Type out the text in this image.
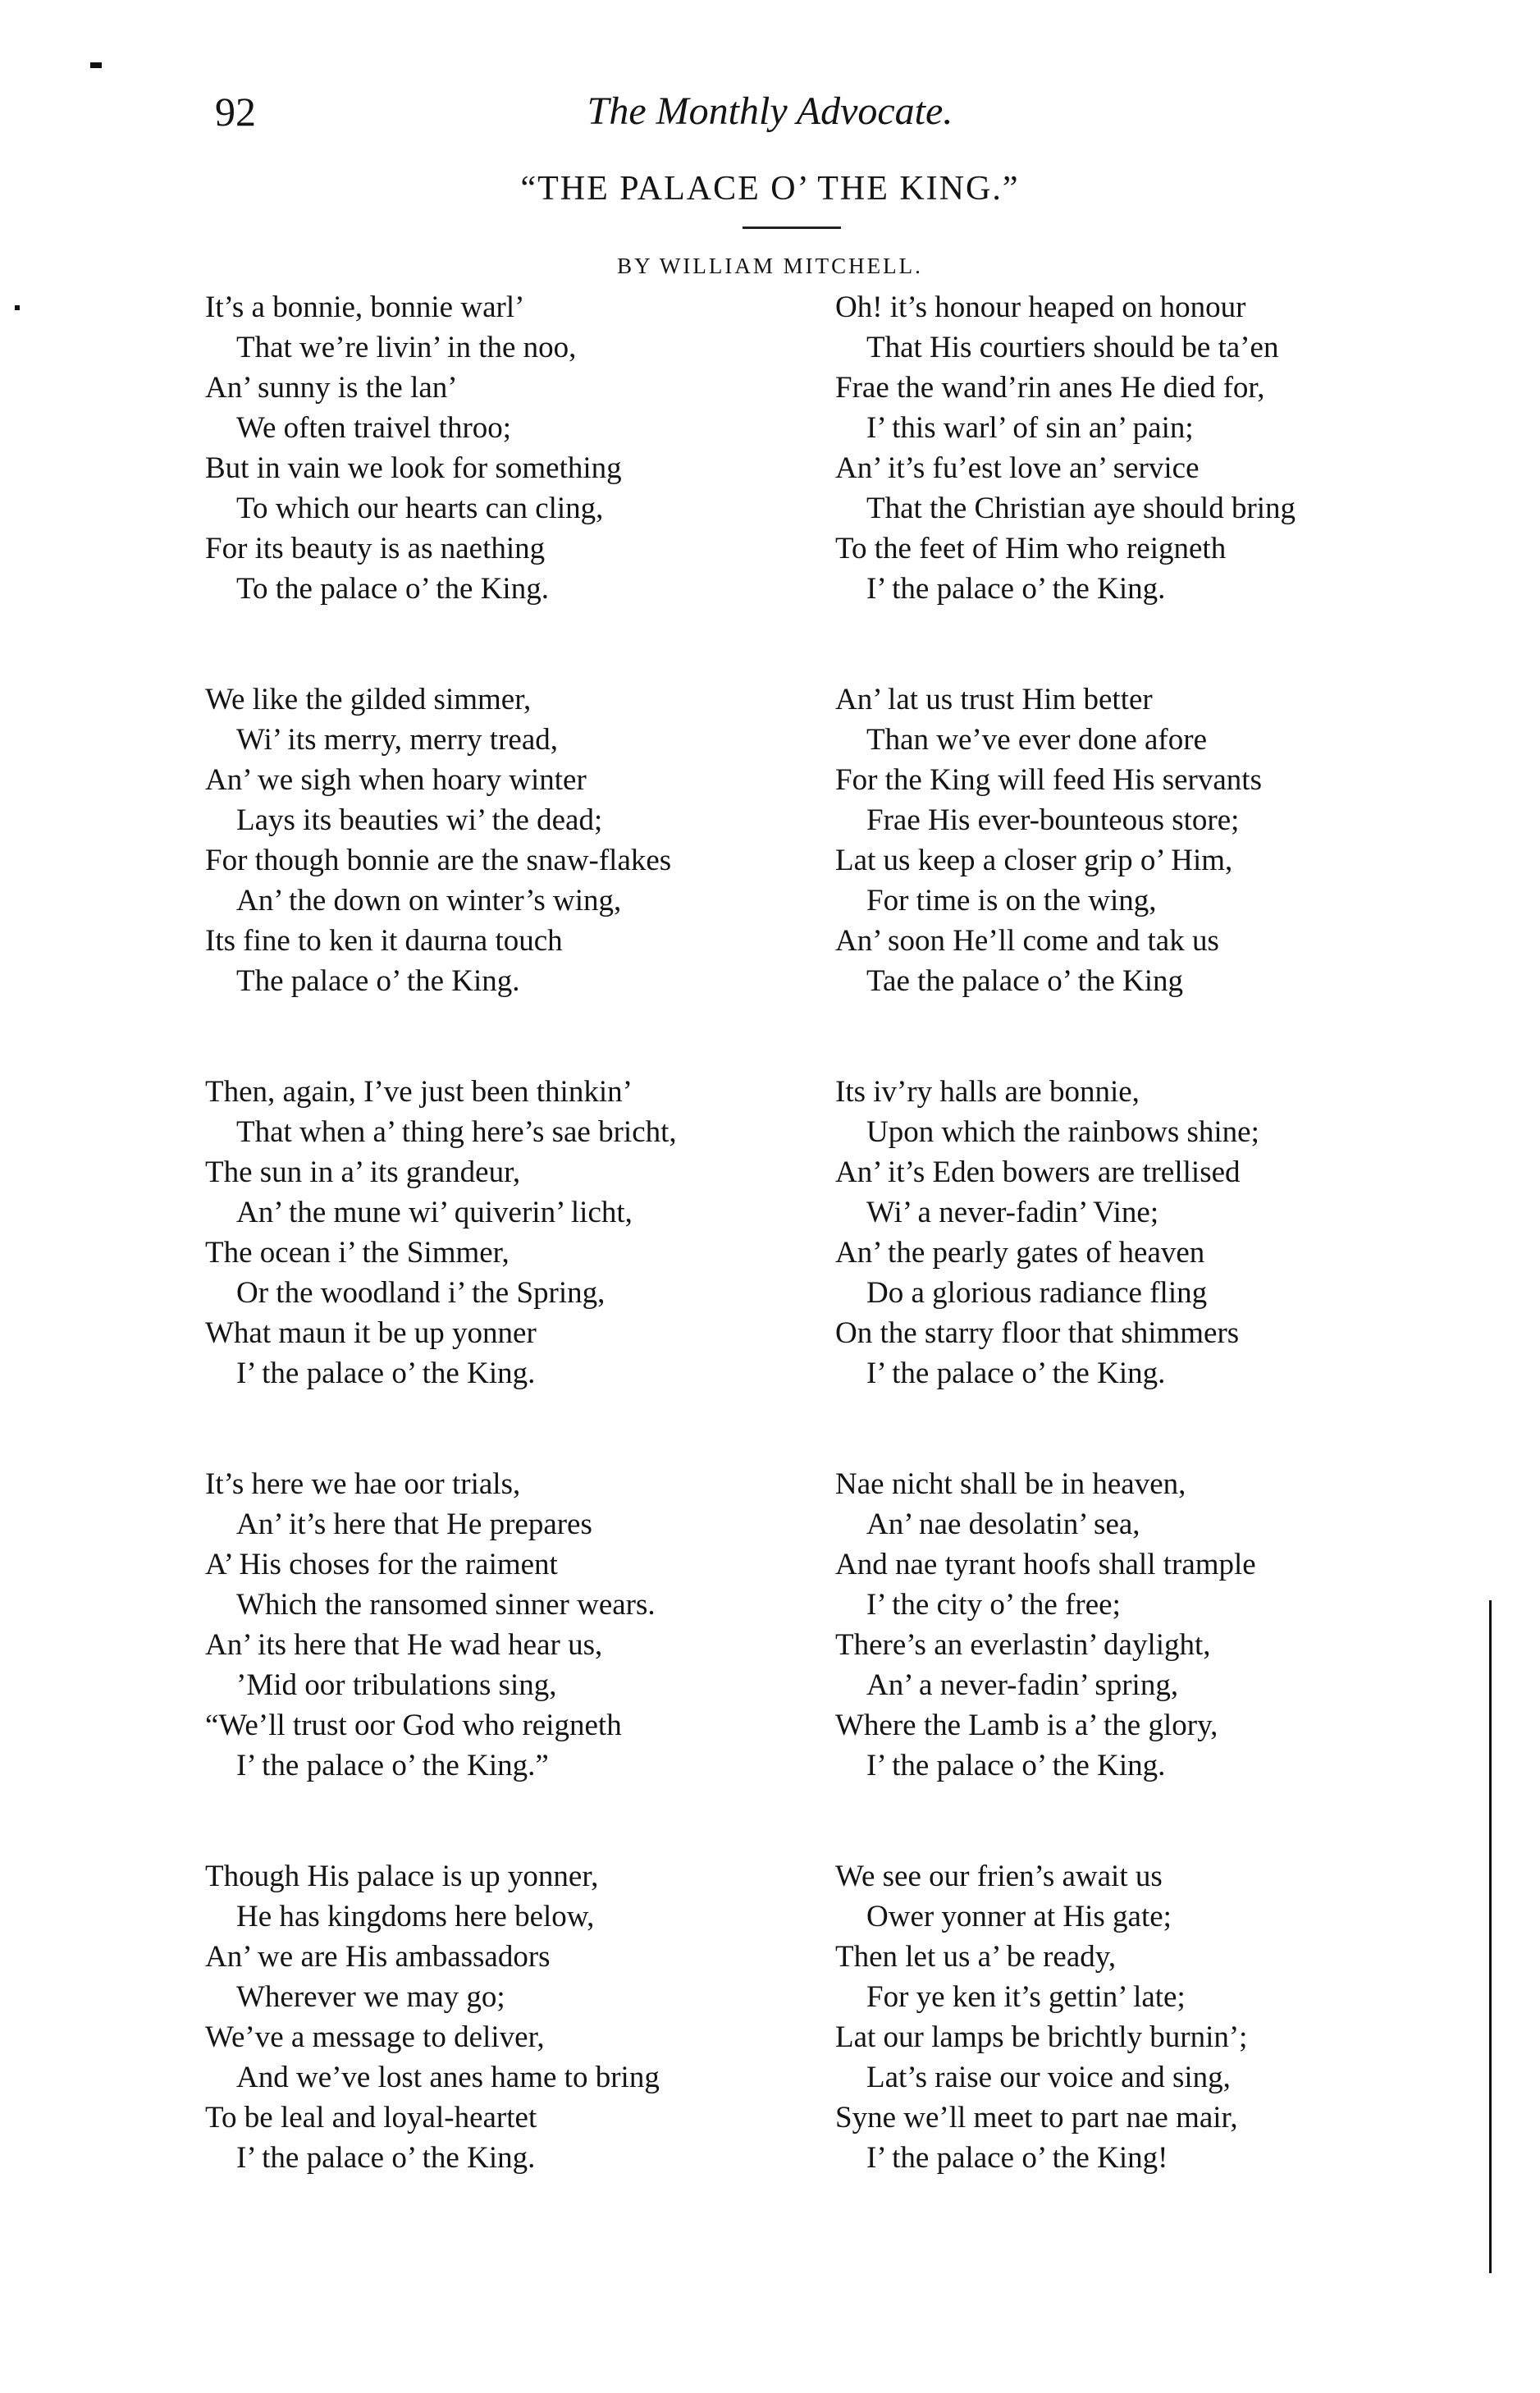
92	The Monthly Advocate.
“THE PALACE O’ THE KING.”
BY WILLIAM MITCHELL.
It’s a bonnie, bonnie warl’
That we’re livin’ in the noo,
An’ sunny is the lan’
We often traivel throo;
But in vain we look for something
To which our hearts can cling,
For its beauty is as naething
To the palace o’ the King.
We like the gilded simmer,
Wi’ its merry, merry tread,
An’ we sigh when hoary winter
Lays its beauties wi’ the dead;
For though bonnie are the snaw-flakes
An’ the down on winter’s wing,
Its fine to ken it daurna touch
The palace o’ the King.
Then, again, I’ve just been thinkin’
That when a’ thing here’s sae bricht,
The sun in a’ its grandeur,
An’ the mune wi’ quiverin’ licht,
The ocean i’ the Simmer,
Or the woodland i’ the Spring,
What maun it be up yonner
I’ the palace o’ the King.
It’s here we hae oor trials,
An’ it’s here that He prepares
A’ His choses for the raiment
Which the ransomed sinner wears.
An’ its here that He wad hear us,
’Mid oor tribulations sing,
“We’ll trust oor God who reigneth
I’ the palace o’ the King.”
Though His palace is up yonner,
He has kingdoms here below,
An’ we are His ambassadors
Wherever we may go;
We’ve a message to deliver,
And we’ve lost anes hame to bring
To be leal and loyal-heartet
I’ the palace o’ the King.
Oh! it’s honour heaped on honour
That His courtiers should be ta’en
Frae the wand’rin anes He died for,
I’ this warl’ of sin an’ pain;
An’ it’s fu’est love an’ service
That the Christian aye should bring
To the feet of Him who reigneth
I’ the palace o’ the King.
An’ lat us trust Him better
Than we’ve ever done afore
For the King will feed His servants
Frae His ever-bounteous store;
Lat us keep a closer grip o’ Him,
For time is on the wing,
An’ soon He’ll come and tak us
Tae the palace o’ the King
Its iv’ry halls are bonnie,
Upon which the rainbows shine;
An’ it’s Eden bowers are trellised
Wi’ a never-fadin’ Vine;
An’ the pearly gates of heaven
Do a glorious radiance fling
On the starry floor that shimmers
I’ the palace o’ the King.
Nae nicht shall be in heaven,
An’ nae desolatin’ sea,
And nae tyrant hoofs shall trample
I’ the city o’ the free;
There’s an everlastin’ daylight,
An’ a never-fadin’ spring,
Where the Lamb is a’ the glory,
I’ the palace o’ the King.
We see our frien’s await us
Ower yonner at His gate;
Then let us a’ be ready,
For ye ken it’s gettin’ late;
Lat our lamps be brichtly burnin’;
Lat’s raise our voice and sing,
Syne we’ll meet to part nae mair,
I’ the palace o’ the King!
